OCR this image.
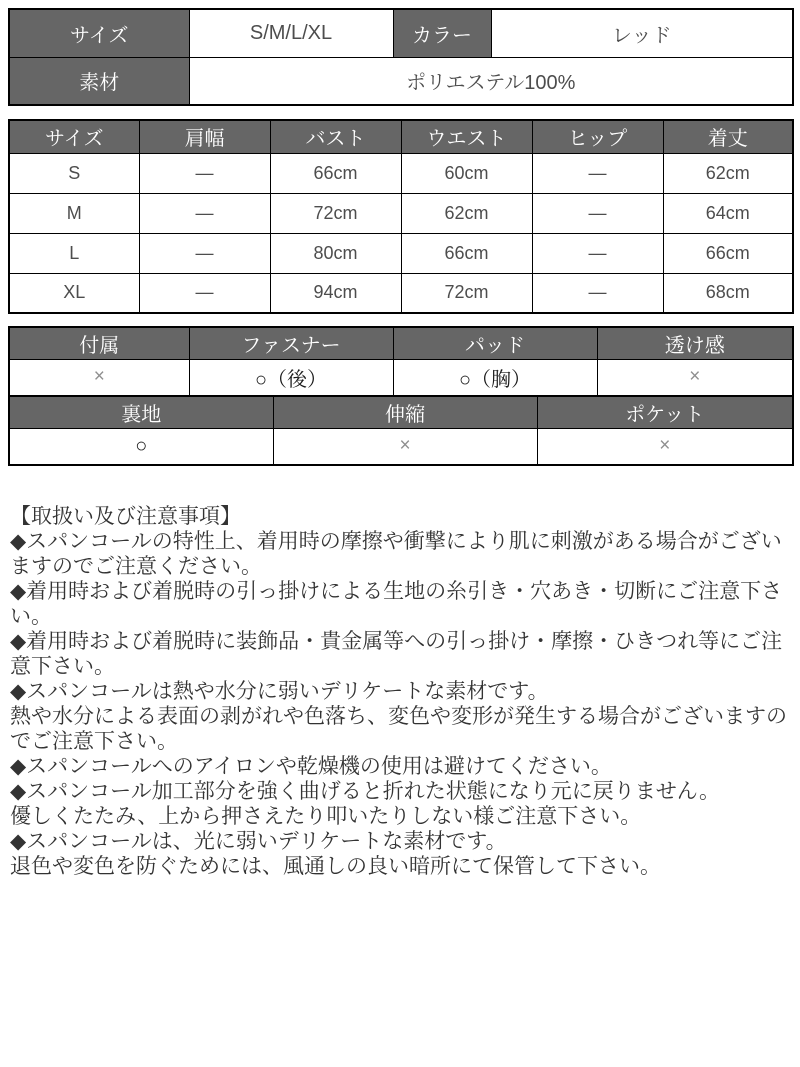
サイズ	S/M/L/XL	カラー	レッド
素材	ポリエステル100%		
サイズ	肩幅	バスト	ウエスト	ヒップ	着丈
S	―	66cm	60cm	―	62cm
M	―	72cm	62cm	―	64cm
L	―	80cm	66cm	―	66cm
XL	―	94cm	72cm	―	68cm
付属	ファスナー	パッド	透け感
×	○（後）	○（胸）	×
裏地	伸縮	ポケット
○	×	×
【取扱い及び注意事項】
◆スパンコールの特性上、着用時の摩擦や衝撃により肌に刺激がある場合がございますのでご注意ください。
◆着用時および着脱時の引っ掛けによる生地の糸引き・穴あき・切断にご注意下さい。
◆着用時および着脱時に装飾品・貴金属等への引っ掛け・摩擦・ひきつれ等にご注意下さい。
◆スパンコールは熱や水分に弱いデリケートな素材です。
熱や水分による表面の剥がれや色落ち、変色や変形が発生する場合がございますのでご注意下さい。
◆スパンコールへのアイロンや乾燥機の使用は避けてください。
◆スパンコール加工部分を強く曲げると折れた状態になり元に戻りません。
優しくたたみ、上から押さえたり叩いたりしない様ご注意下さい。
◆スパンコールは、光に弱いデリケートな素材です。
退色や変色を防ぐためには、風通しの良い暗所にて保管して下さい。
